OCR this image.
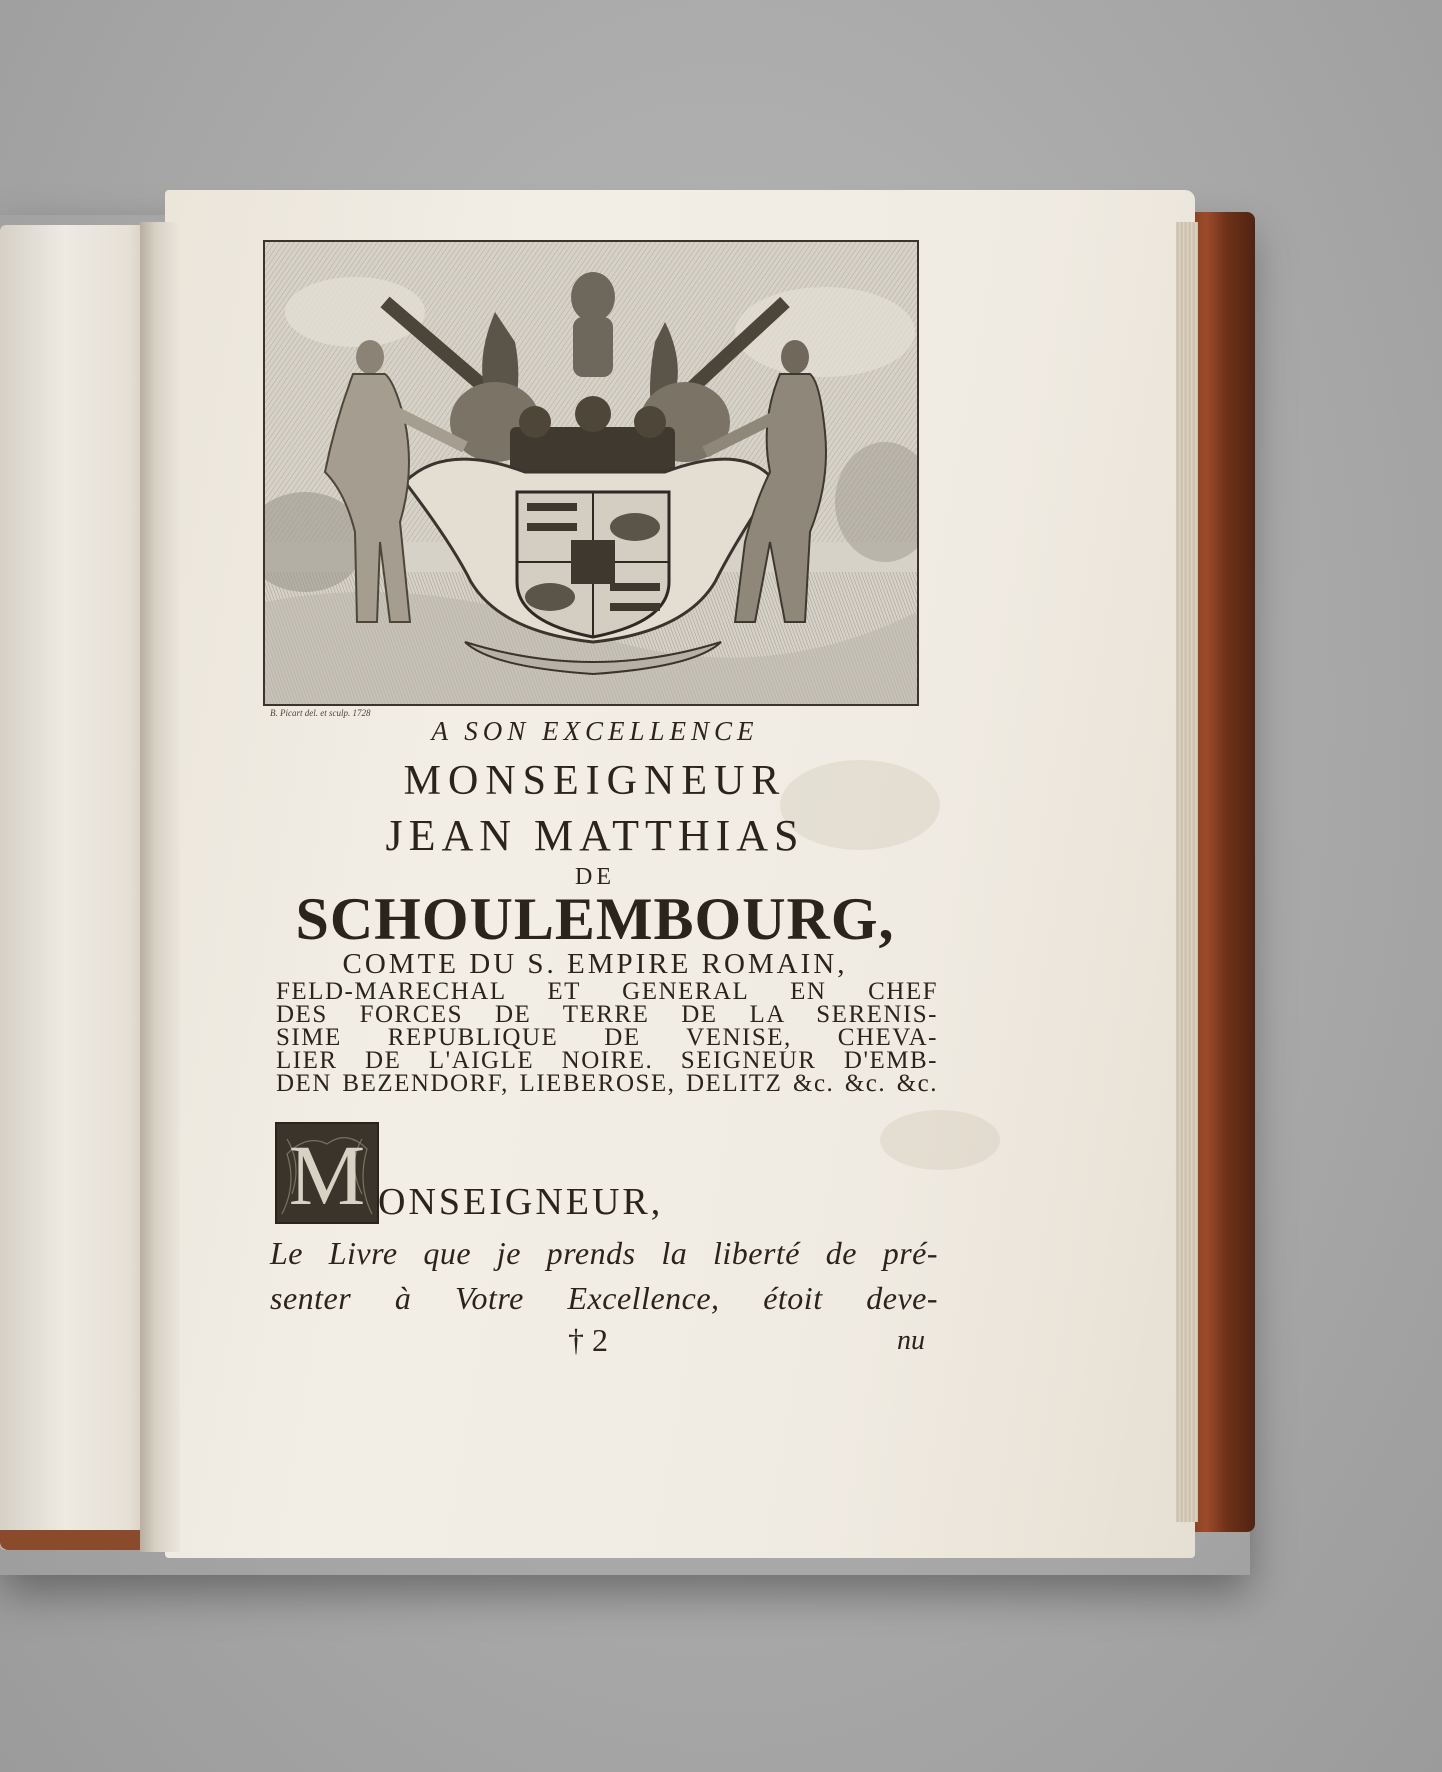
B. Picart del. et sculp. 1728
A SON EXCELLENCE
MONSEIGNEUR
JEAN MATTHIAS
DE
SCHOULEMBOURG,
COMTE DU S. EMPIRE ROMAIN,
FELD-MARECHAL ET GENERAL EN CHEF
DES FORCES DE TERRE DE LA SERENIS-
SIME REPUBLIQUE DE VENISE, CHEVA-
LIER DE L'AIGLE NOIRE. SEIGNEUR D'EMB-
DEN BEZENDORF, LIEBEROSE, DELITZ &c. &c. &c.
M ONSEIGNEUR,
Le Livre que je prends la liberté de pré-
senter à Votre Excellence, étoit deve-
† 2	nu
